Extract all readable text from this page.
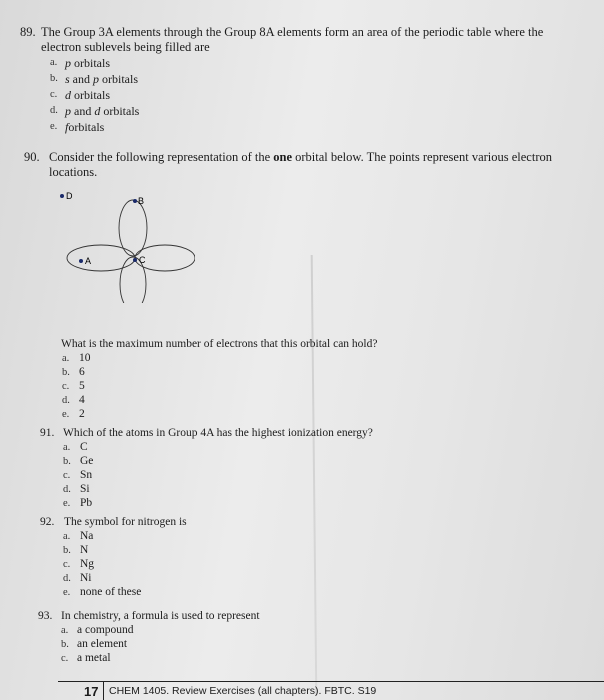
89. The Group 3A elements through the Group 8A elements form an area of the periodic table where the
electron sublevels being filled are
a. p orbitals
b. s and p orbitals
c. d orbitals
d. p and d orbitals
e. forbitals
90. Consider the following representation of the one orbital below. The points represent various electron
locations.
D	B
A	C
What is the maximum number of electrons that this orbital can hold?
a. 10
b. 6
c. 5
d. 4
e. 2
91. Which of the atoms in Group 4A has the highest ionization energy?
a. C
b. Ge
c. Sn
d. Si
e. Pb
92. The symbol for nitrogen is
a. Na
b. N
c. Ng
d. Ni
e. none of these
93. In chemistry, a formula is used to represent
a. a compound
b. an element
c. a metal
17 CHEM 1405. Review Exercises (all chapters). FBTC. S19
